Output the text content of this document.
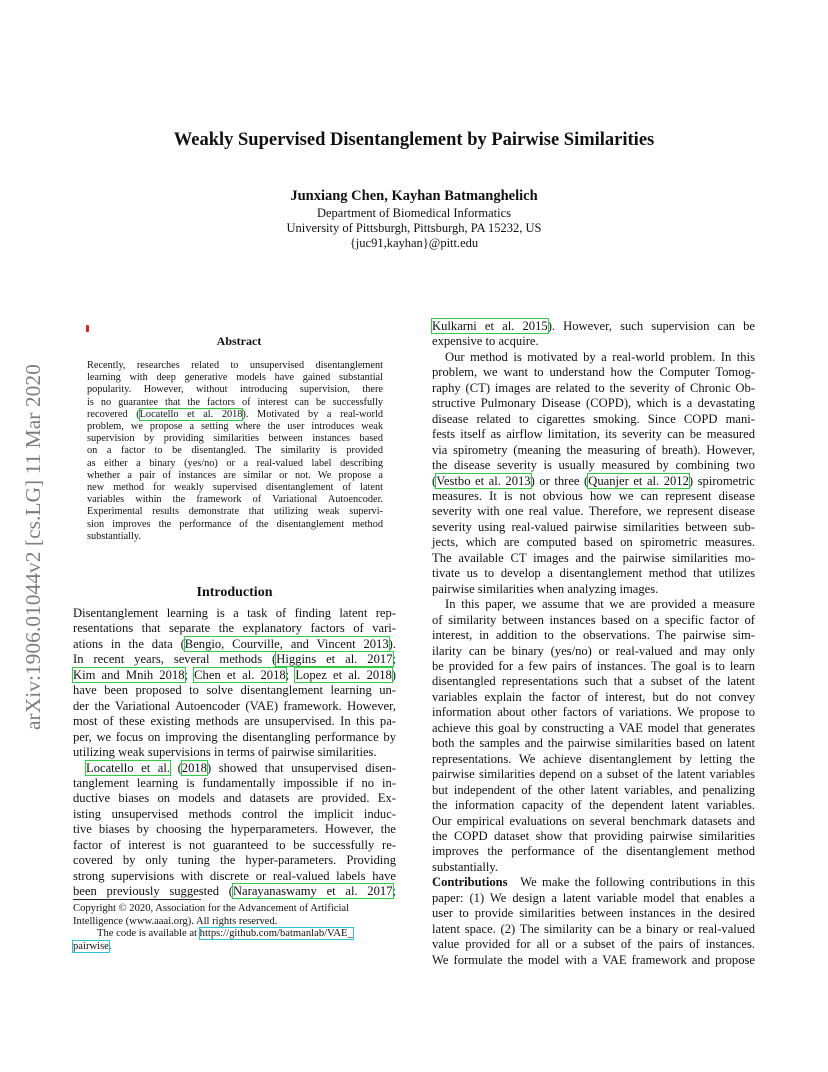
arXiv:1906.01044v2 [cs.LG] 11 Mar 2020
Weakly Supervised Disentanglement by Pairwise Similarities
Junxiang Chen, Kayhan Batmanghelich
Department of Biomedical Informatics
University of Pittsburgh, Pittsburgh, PA 15232, US
{juc91,kayhan}@pitt.edu
Abstract
Recently, researches related to unsupervised disentanglement
learning with deep generative models have gained substantial
popularity. However, without introducing supervision, there
is no guarantee that the factors of interest can be successfully
recovered (Locatello et al. 2018). Motivated by a real-world
problem, we propose a setting where the user introduces weak
supervision by providing similarities between instances based
on a factor to be disentangled. The similarity is provided
as either a binary (yes/no) or a real-valued label describing
whether a pair of instances are similar or not. We propose a
new method for weakly supervised disentanglement of latent
variables within the framework of Variational Autoencoder.
Experimental results demonstrate that utilizing weak supervi-
sion improves the performance of the disentanglement method
substantially.
Introduction
Disentanglement learning is a task of finding latent rep-
resentations that separate the explanatory factors of vari-
ations in the data (Bengio, Courville, and Vincent 2013).
In recent years, several methods (Higgins et al. 2017;
Kim and Mnih 2018; Chen et al. 2018; Lopez et al. 2018)
have been proposed to solve disentanglement learning un-
der the Variational Autoencoder (VAE) framework. However,
most of these existing methods are unsupervised. In this pa-
per, we focus on improving the disentangling performance by
utilizing weak supervisions in terms of pairwise similarities.
Locatello et al. (2018) showed that unsupervised disen-
tanglement learning is fundamentally impossible if no in-
ductive biases on models and datasets are provided. Ex-
isting unsupervised methods control the implicit induc-
tive biases by choosing the hyperparameters. However, the
factor of interest is not guaranteed to be successfully re-
covered by only tuning the hyper-parameters. Providing
strong supervisions with discrete or real-valued labels have
been previously suggested (Narayanaswamy et al. 2017;
Kulkarni et al. 2015). However, such supervision can be
expensive to acquire.
Our method is motivated by a real-world problem. In this
problem, we want to understand how the Computer Tomog-
raphy (CT) images are related to the severity of Chronic Ob-
structive Pulmonary Disease (COPD), which is a devastating
disease related to cigarettes smoking. Since COPD mani-
fests itself as airflow limitation, its severity can be measured
via spirometry (meaning the measuring of breath). However,
the disease severity is usually measured by combining two
(Vestbo et al. 2013) or three (Quanjer et al. 2012) spirometric
measures. It is not obvious how we can represent disease
severity with one real value. Therefore, we represent disease
severity using real-valued pairwise similarities between sub-
jects, which are computed based on spirometric measures.
The available CT images and the pairwise similarities mo-
tivate us to develop a disentanglement method that utilizes
pairwise similarities when analyzing images.
In this paper, we assume that we are provided a measure
of similarity between instances based on a specific factor of
interest, in addition to the observations. The pairwise sim-
ilarity can be binary (yes/no) or real-valued and may only
be provided for a few pairs of instances. The goal is to learn
disentangled representations such that a subset of the latent
variables explain the factor of interest, but do not convey
information about other factors of variations. We propose to
achieve this goal by constructing a VAE model that generates
both the samples and the pairwise similarities based on latent
representations. We achieve disentanglement by letting the
pairwise similarities depend on a subset of the latent variables
but independent of the other latent variables, and penalizing
the information capacity of the dependent latent variables.
Our empirical evaluations on several benchmark datasets and
the COPD dataset show that providing pairwise similarities
improves the performance of the disentanglement method
substantially.
Contributions   We make the following contributions in this
paper: (1) We design a latent variable model that enables a
user to provide similarities between instances in the desired
latent space. (2) The similarity can be a binary or real-valued
value provided for all or a subset of the pairs of instances.
We formulate the model with a VAE framework and propose
Copyright © 2020, Association for the Advancement of Artificial
Intelligence (www.aaai.org). All rights reserved.
The code is available at https://github.com/batmanlab/VAE_
pairwise.
